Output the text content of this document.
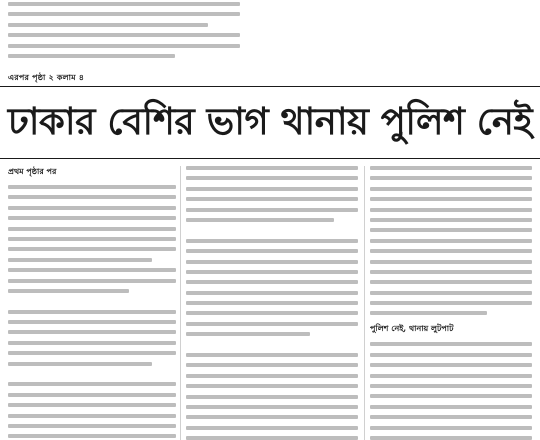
এরপর পৃষ্ঠা ২ কলাম ৪
ঢাকার বেশির ভাগ থানায় পুলিশ নেই
প্রথম পৃষ্ঠার পর
পুলিশ নেই, থানায় লুটপাট
